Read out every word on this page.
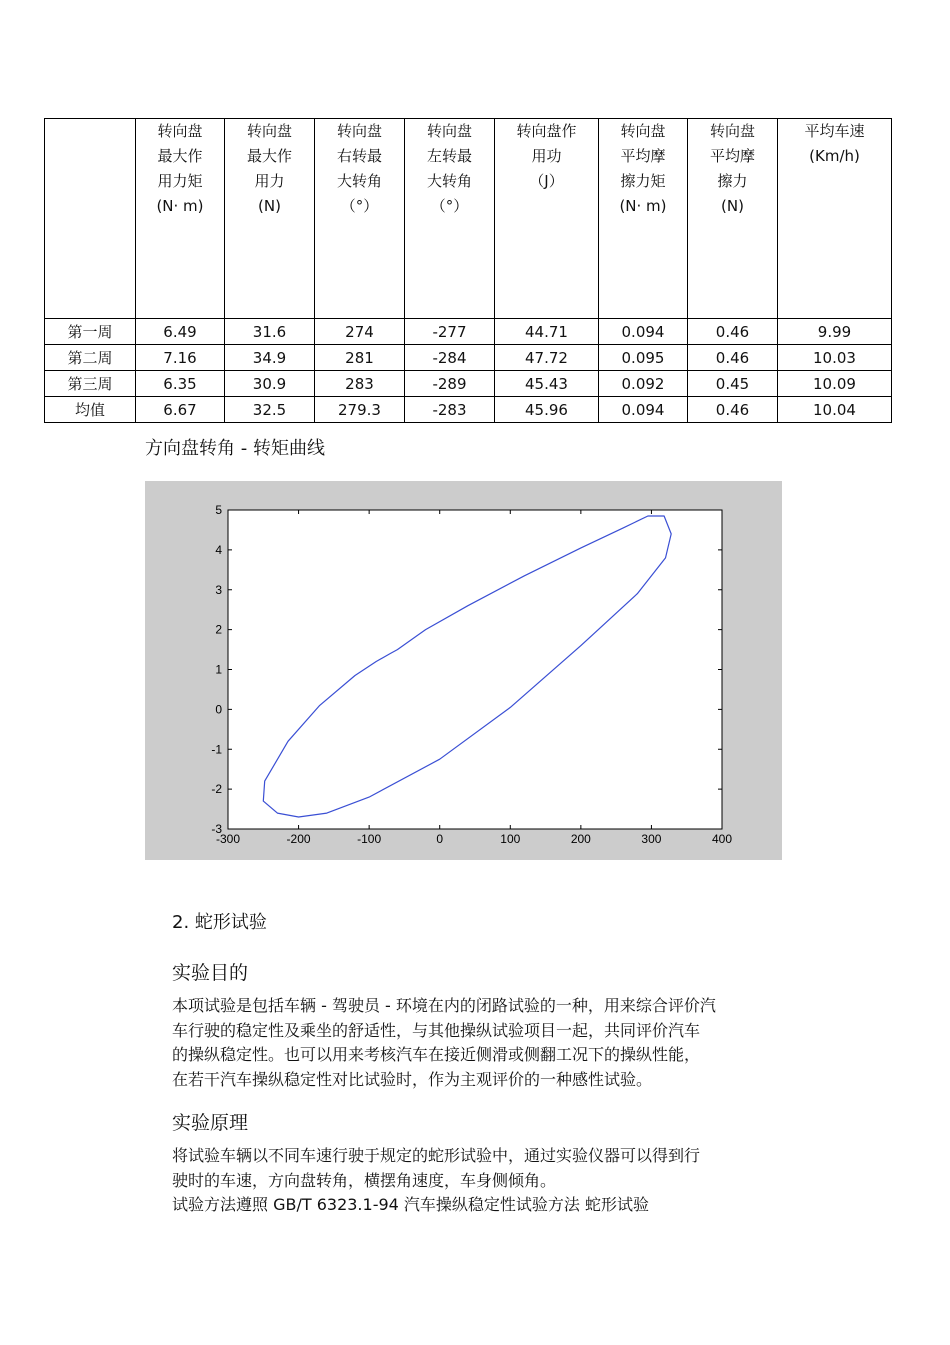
	转向盘
最大作
用力矩
(N· m)	转向盘
最大作
用力
(N)	转向盘
右转最
大转角
（°）	转向盘
左转最
大转角
（°）	转向盘作
用功
（J）	转向盘
平均摩
擦力矩
(N· m)	转向盘
平均摩
擦力
(N)	平均车速
(Km/h)

第一周	6.49	31.6	274	-277	44.71	0.094	0.46	9.99
第二周	7.16	34.9	281	-284	47.72	0.095	0.46	10.03
第三周	6.35	30.9	283	-289	45.43	0.092	0.45	10.09
均值	6.67	32.5	279.3	-283	45.96	0.094	0.46	10.04
方向盘转角 - 转矩曲线
-300	-200	-100	0	100	200	300	400
-3
-2
-1
0
1
2
3
4
5
2. 蛇形试验
实验目的

本项试验是包括车辆 - 驾驶员 - 环境在内的闭路试验的一种，用来综合评价汽

车行驶的稳定性及乘坐的舒适性，与其他操纵试验项目一起，共同评价汽车

的操纵稳定性。也可以用来考核汽车在接近侧滑或侧翻工况下的操纵性能，

在若干汽车操纵稳定性对比试验时，作为主观评价的一种感性试验。

实验原理

将试验车辆以不同车速行驶于规定的蛇形试验中，通过实验仪器可以得到行

驶时的车速，方向盘转角，横摆角速度，车身侧倾角。

试验方法遵照 GB/T 6323.1-94 汽车操纵稳定性试验方法 蛇形试验
